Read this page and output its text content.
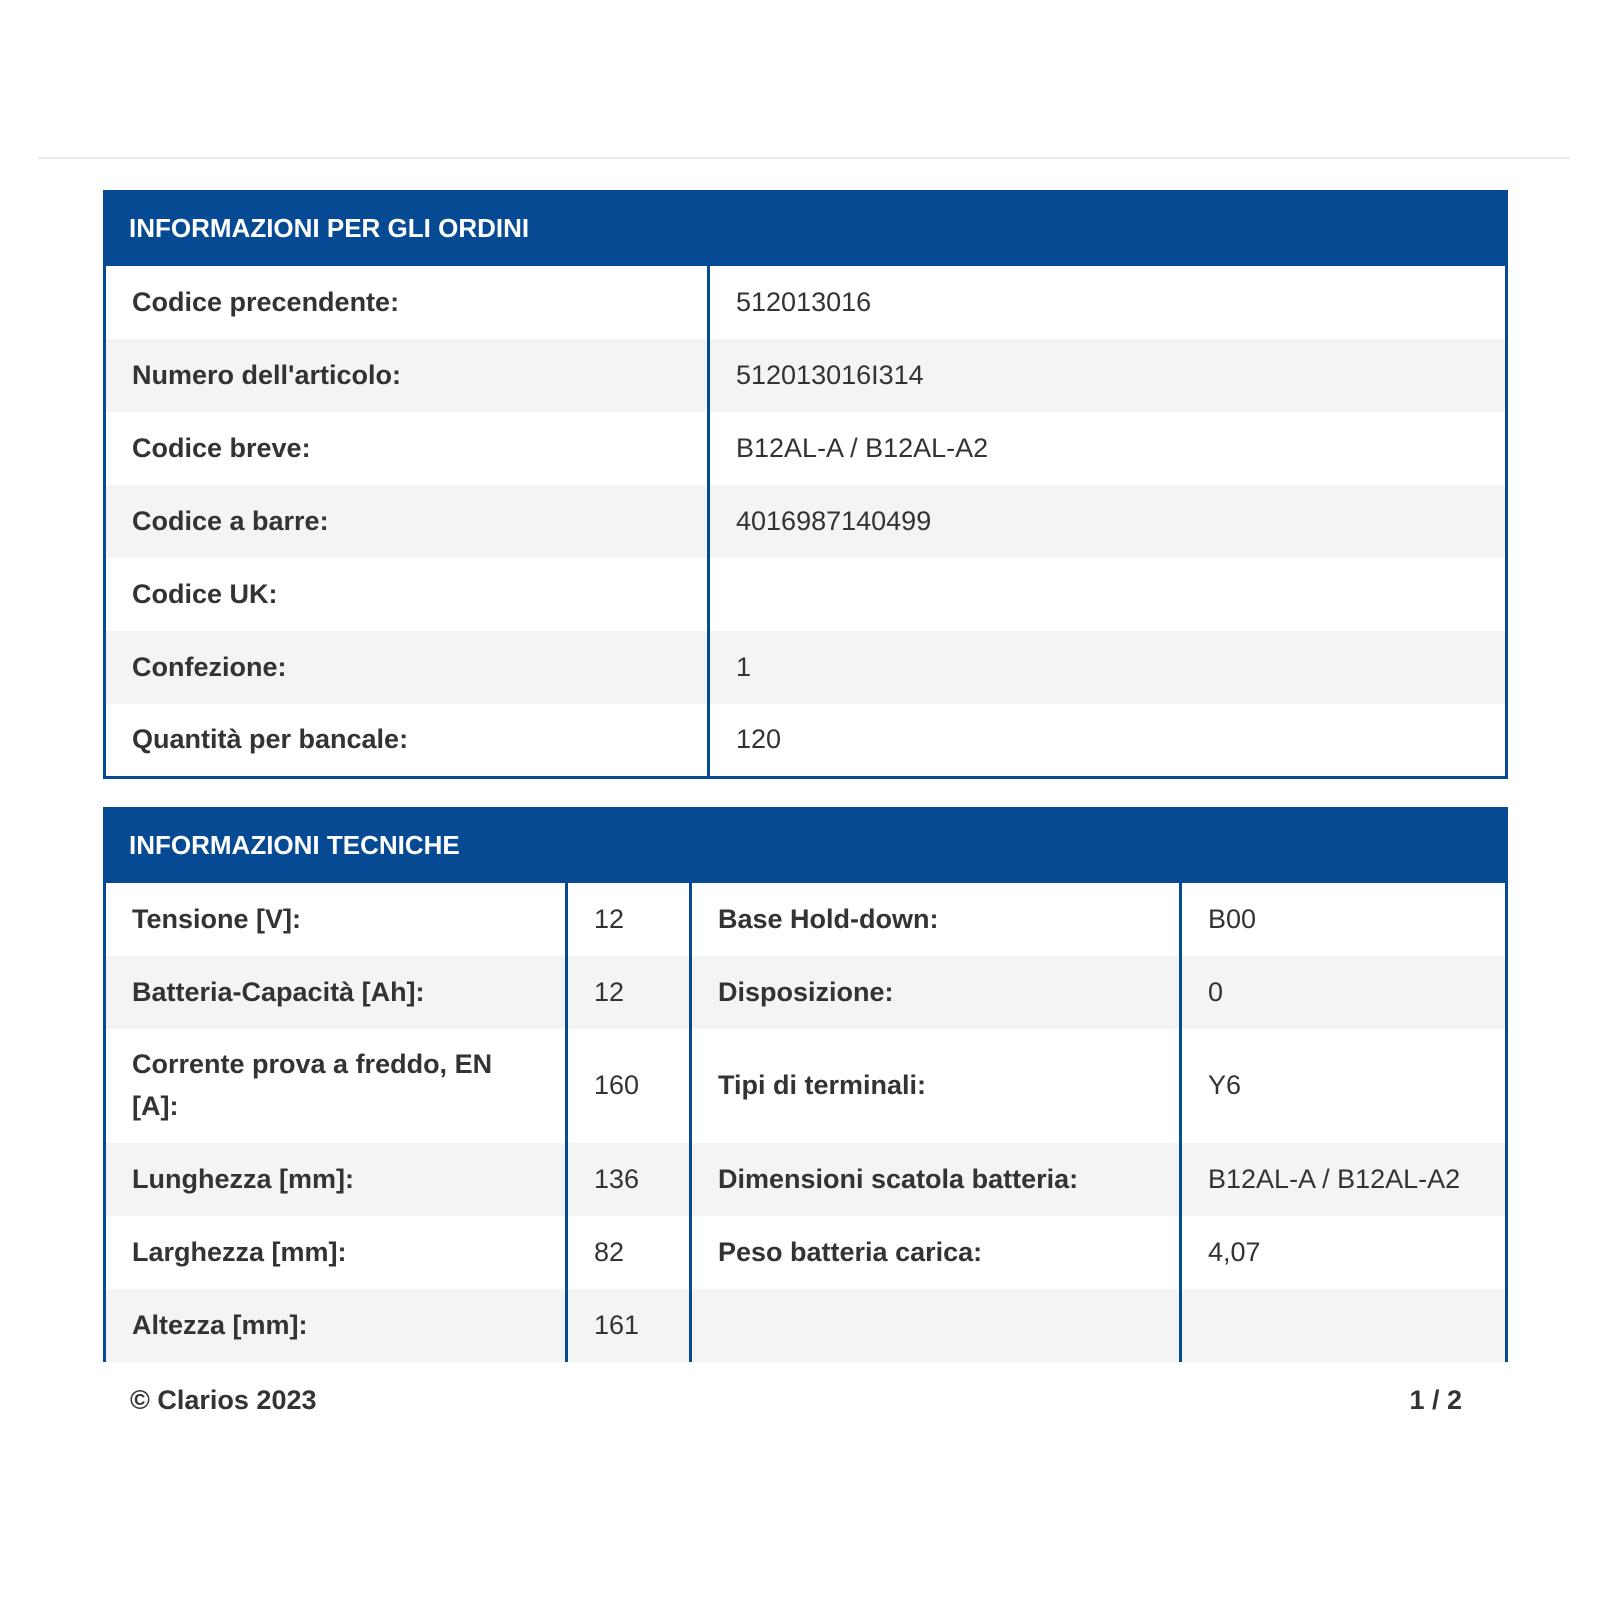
INFORMAZIONI PER GLI ORDINI
Codice precendente:	512013016
Numero dell'articolo:	512013016I314
Codice breve:	B12AL-A / B12AL-A2
Codice a barre:	4016987140499
Codice UK:	
Confezione:	1
Quantità per bancale:	120
INFORMAZIONI TECNICHE
Tensione [V]:	12	Base Hold-down:	B00
Batteria-Capacità [Ah]:	12	Disposizione:	0
Corrente prova a freddo, EN [A]:	160	Tipi di terminali:	Y6
Lunghezza [mm]:	136	Dimensioni scatola batteria:	B12AL-A / B12AL-A2
Larghezza [mm]:	82	Peso batteria carica:	4,07
Altezza [mm]:	161		
© Clarios 2023	1 / 2
